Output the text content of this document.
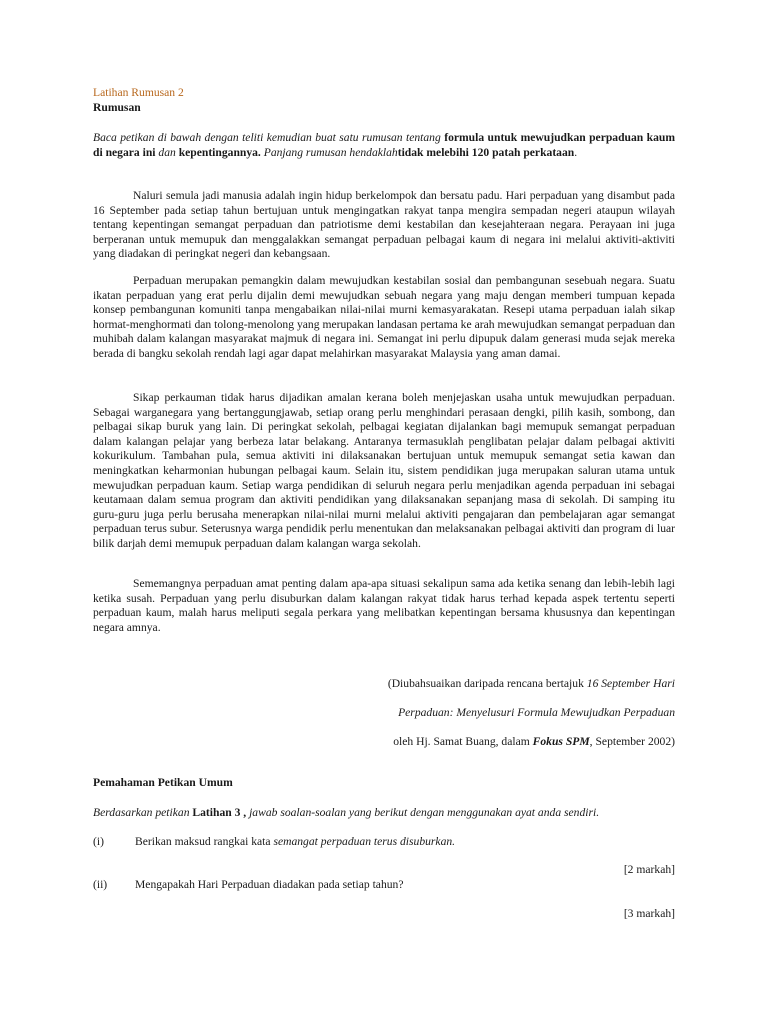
Latihan Rumusan 2
Rumusan
Baca petikan di bawah dengan teliti kemudian buat satu rumusan tentang formula untuk mewujudkan perpaduan kaum di negara ini dan kepentingannya. Panjang rumusan hendaklahtidak melebihi 120 patah perkataan.
Naluri semula jadi manusia adalah ingin hidup berkelompok dan bersatu padu. Hari perpaduan yang disambut pada 16 September pada setiap tahun bertujuan untuk mengingatkan rakyat tanpa mengira sempadan negeri ataupun wilayah tentang kepentingan semangat perpaduan dan patriotisme demi kestabilan dan kesejahteraan negara. Perayaan ini juga berperanan untuk memupuk dan menggalakkan semangat perpaduan pelbagai kaum di negara ini melalui aktiviti-aktiviti yang diadakan di peringkat negeri dan kebangsaan.
Perpaduan merupakan pemangkin dalam mewujudkan kestabilan sosial dan pembangunan sesebuah negara. Suatu ikatan perpaduan yang erat perlu dijalin demi mewujudkan sebuah negara yang maju dengan memberi tumpuan kepada konsep pembangunan komuniti tanpa mengabaikan nilai-nilai murni kemasyarakatan. Resepi utama perpaduan ialah sikap hormat-menghormati dan tolong-menolong yang merupakan landasan pertama ke arah mewujudkan semangat perpaduan dan muhibah dalam kalangan masyarakat majmuk di negara ini. Semangat ini perlu dipupuk dalam generasi muda sejak mereka berada di bangku sekolah rendah lagi agar dapat melahirkan masyarakat Malaysia yang aman damai.
Sikap perkauman tidak harus dijadikan amalan kerana boleh menjejaskan usaha untuk mewujudkan perpaduan. Sebagai warganegara yang bertanggungjawab, setiap orang perlu menghindari perasaan dengki, pilih kasih, sombong, dan pelbagai sikap buruk yang lain. Di peringkat sekolah, pelbagai kegiatan dijalankan bagi memupuk semangat perpaduan dalam kalangan pelajar yang berbeza latar belakang. Antaranya termasuklah penglibatan pelajar dalam pelbagai aktiviti kokurikulum. Tambahan pula, semua aktiviti ini dilaksanakan bertujuan untuk memupuk semangat setia kawan dan meningkatkan keharmonian hubungan pelbagai kaum. Selain itu, sistem pendidikan juga merupakan saluran utama untuk mewujudkan perpaduan kaum. Setiap warga pendidikan di seluruh negara perlu menjadikan agenda perpaduan ini sebagai keutamaan dalam semua program dan aktiviti pendidikan yang dilaksanakan sepanjang masa di sekolah. Di samping itu guru-guru juga perlu berusaha menerapkan nilai-nilai murni melalui aktiviti pengajaran dan pembelajaran agar semangat perpaduan terus subur. Seterusnya warga pendidik perlu menentukan dan melaksanakan pelbagai aktiviti dan program di luar bilik darjah demi memupuk perpaduan dalam kalangan warga sekolah.
Sememangnya perpaduan amat penting dalam apa-apa situasi sekalipun sama ada ketika senang dan lebih-lebih lagi ketika susah. Perpaduan yang perlu disuburkan dalam kalangan rakyat tidak harus terhad kepada aspek tertentu seperti perpaduan kaum, malah harus meliputi segala perkara yang melibatkan kepentingan bersama khususnya dan kepentingan negara amnya.
(Diubahsuaikan daripada rencana bertajuk 16 September Hari
Perpaduan: Menyelusuri Formula Mewujudkan Perpaduan
oleh Hj. Samat Buang, dalam Fokus SPM, September 2002)
Pemahaman Petikan Umum
Berdasarkan petikan Latihan 3 , jawab soalan-soalan yang berikut dengan menggunakan ayat anda sendiri.
(i)	Berikan maksud rangkai kata semangat perpaduan terus disuburkan.
[2 markah]
(ii) Mengapakah Hari Perpaduan diadakan pada setiap tahun?
[3 markah]
